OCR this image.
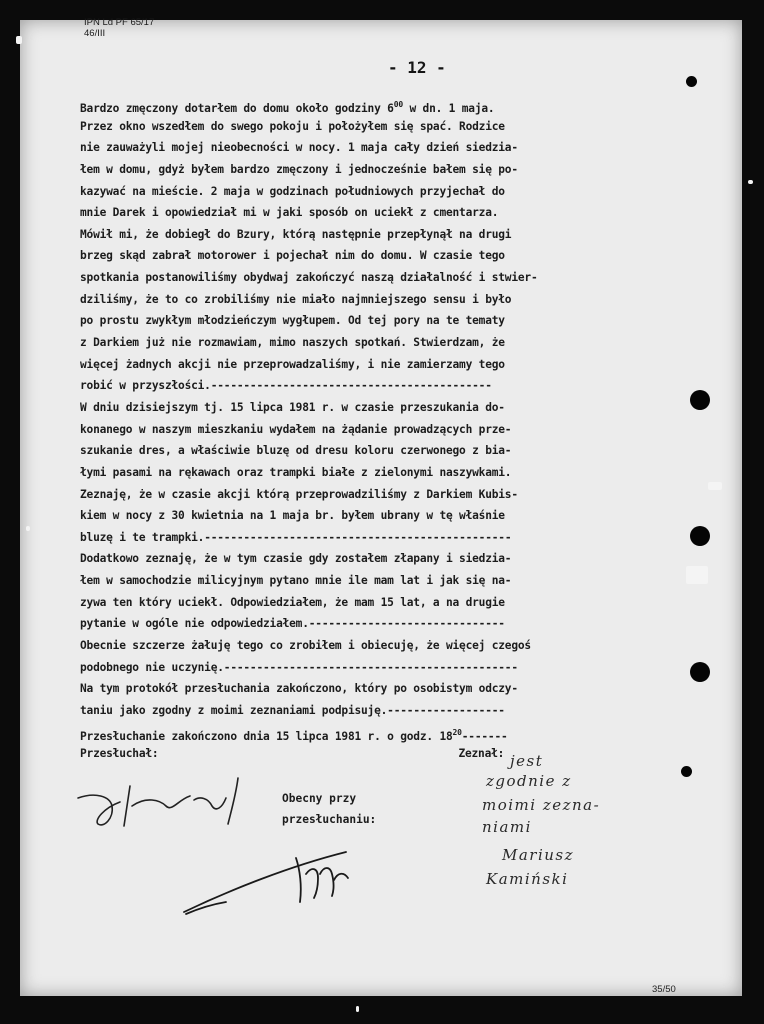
IPN Ld PF 65/17
46/III
- 12 -
Bardzo zmęczony dotarłem do domu około godziny $6^{00}$ w dn. 1 maja.
Przez okno wszedłem do swego pokoju i położyłem się spać. Rodzice
nie zauważyli mojej nieobecności w nocy. 1 maja cały dzień siedzia-
łem w domu, gdyż byłem bardzo zmęczony i jednocześnie bałem się po-
kazywać na mieście. 2 maja w godzinach południowych przyjechał do
mnie Darek i opowiedział mi w jaki sposób on uciekł z cmentarza.
Mówił mi, że dobiegł do Bzury, którą następnie przepłynął na drugi
brzeg skąd zabrał motorower i pojechał nim do domu. W czasie tego
spotkania postanowiliśmy obydwaj zakończyć naszą działalność i stwier-
dziliśmy, że to co zrobiliśmy nie miało najmniejszego sensu i było
po prostu zwykłym młodzieńczym wygłupem. Od tej pory na te tematy
z Darkiem już nie rozmawiam, mimo naszych spotkań. Stwierdzam, że
więcej żadnych akcji nie przeprowadzaliśmy, i nie zamierzamy tego
robić w przyszłości.-------------------------------------------
W dniu dzisiejszym tj. 15 lipca 1981 r. w czasie przeszukania do-
konanego w naszym mieszkaniu wydałem na żądanie prowadzących prze-
szukanie dres, a właściwie bluzę od dresu koloru czerwonego z bia-
łymi pasami na rękawach oraz trampki białe z zielonymi naszywkami.
Zeznaję, że w czasie akcji którą przeprowadziliśmy z Darkiem Kubis-
kiem w nocy z 30 kwietnia na 1 maja br. byłem ubrany w tę właśnie
bluzę i te trampki.-----------------------------------------------
Dodatkowo zeznaję, że w tym czasie gdy zostałem złapany i siedzia-
łem w samochodzie milicyjnym pytano mnie ile mam lat i jak się na-
zywa ten który uciekł. Odpowiedziałem, że mam 15 lat, a na drugie
pytanie w ogóle nie odpowiedziałem.------------------------------
Obecnie szczerze żałuję tego co zrobiłem i obiecuję, że więcej czegoś
podobnego nie uczynię.---------------------------------------------
Na tym protokół przesłuchania zakończono, który po osobistym odczy-
taniu jako zgodny z moimi zeznaniami podpisuję.------------------
Przesłuchanie zakończono dnia 15 lipca 1981 r. o godz. $18^{20}-------$
Przesłuchał:	Zeznał:
Obecny przy
przesłuchaniu:
jest
zgodnie z
moimi zezna-
niami
Mariusz
Kamiński
35/50
